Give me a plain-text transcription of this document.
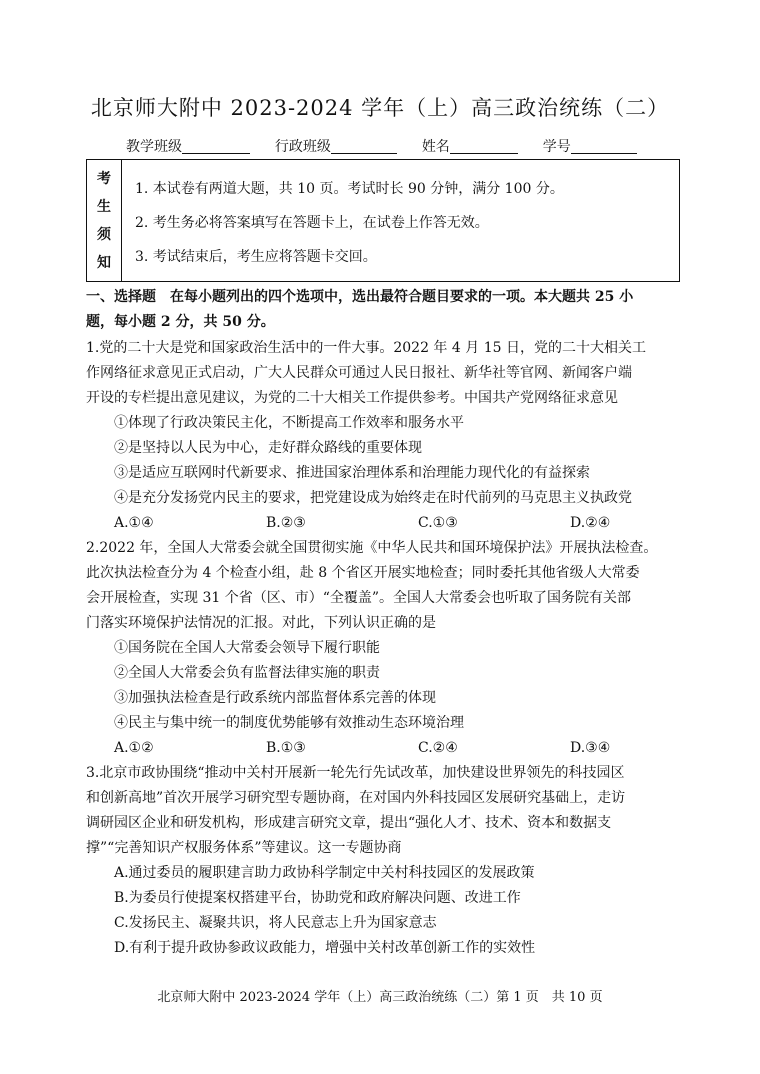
北京师大附中 2023-2024 学年（上）高三政治统练（二）
教学班级	行政班级	姓名	学号
考
生
须
知
1. 本试卷有两道大题，共 10 页。考试时长 90 分钟，满分 100 分。
2. 考生务必将答案填写在答题卡上，在试卷上作答无效。
3. 考试结束后，考生应将答题卡交回。
一、选择题　在每小题列出的四个选项中，选出最符合题目要求的一项。本大题共 25 小
题，每小题 2 分，共 50 分。
1.党的二十大是党和国家政治生活中的一件大事。2022 年 4 月 15 日，党的二十大相关工
作网络征求意见正式启动，广大人民群众可通过人民日报社、新华社等官网、新闻客户端
开设的专栏提出意见建议，为党的二十大相关工作提供参考。中国共产党网络征求意见
①体现了行政决策民主化，不断提高工作效率和服务水平
②是坚持以人民为中心，走好群众路线的重要体现
③是适应互联网时代新要求、推进国家治理体系和治理能力现代化的有益探索
④是充分发扬党内民主的要求，把党建设成为始终走在时代前列的马克思主义执政党
A.①④	B.②③	C.①③	D.②④
2.2022 年，全国人大常委会就全国贯彻实施《中华人民共和国环境保护法》开展执法检查。
此次执法检查分为 4 个检查小组，赴 8 个省区开展实地检查；同时委托其他省级人大常委
会开展检查，实现 31 个省（区、市）“全覆盖”。全国人大常委会也听取了国务院有关部
门落实环境保护法情况的汇报。对此，下列认识正确的是
①国务院在全国人大常委会领导下履行职能
②全国人大常委会负有监督法律实施的职责
③加强执法检查是行政系统内部监督体系完善的体现
④民主与集中统一的制度优势能够有效推动生态环境治理
A.①②	B.①③	C.②④	D.③④
3.北京市政协围绕“推动中关村开展新一轮先行先试改革，加快建设世界领先的科技园区
和创新高地”首次开展学习研究型专题协商，在对国内外科技园区发展研究基础上，走访
调研园区企业和研发机构，形成建言研究文章，提出“强化人才、技术、资本和数据支
撑”“完善知识产权服务体系”等建议。这一专题协商
A.通过委员的履职建言助力政协科学制定中关村科技园区的发展政策
B.为委员行使提案权搭建平台，协助党和政府解决问题、改进工作
C.发扬民主、凝聚共识，将人民意志上升为国家意志
D.有利于提升政协参政议政能力，增强中关村改革创新工作的实效性
北京师大附中 2023-2024 学年（上）高三政治统练（二）第 1 页　共 10 页
